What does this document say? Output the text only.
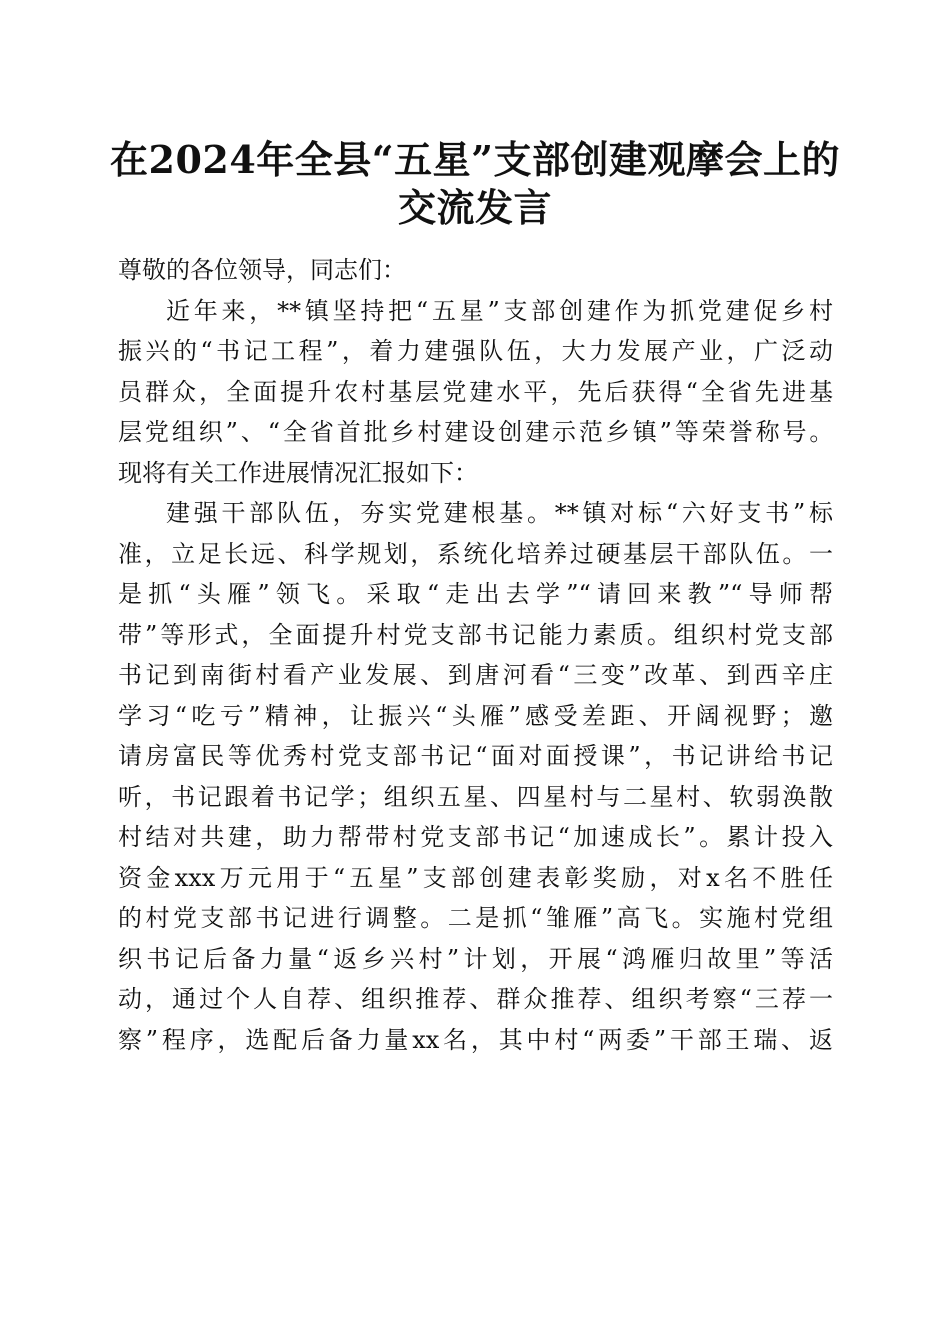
在2024年全县“五星”支部创建观摩会上的
交流发言
尊敬的各位领导，同志们：
近年来，**镇坚持把“五星”支部创建作为抓党建促乡村
振兴的“书记工程”，着力建强队伍，大力发展产业，广泛动
员群众，全面提升农村基层党建水平，先后获得“全省先进基
层党组织”、“全省首批乡村建设创建示范乡镇”等荣誉称号。
现将有关工作进展情况汇报如下：
建强干部队伍，夯实党建根基。**镇对标“六好支书”标
准，立足长远、科学规划，系统化培养过硬基层干部队伍。一
是抓“头雁”领飞。采取“走出去学”“请回来教”“导师帮
带”等形式，全面提升村党支部书记能力素质。组织村党支部
书记到南街村看产业发展、到唐河看“三变”改革、到西辛庄
学习“吃亏”精神，让振兴“头雁”感受差距、开阔视野；邀
请房富民等优秀村党支部书记“面对面授课”，书记讲给书记
听，书记跟着书记学；组织五星、四星村与二星村、软弱涣散
村结对共建，助力帮带村党支部书记“加速成长”。累计投入
资金xxx万元用于“五星”支部创建表彰奖励，对x名不胜任
的村党支部书记进行调整。二是抓“雏雁”高飞。实施村党组
织书记后备力量“返乡兴村”计划，开展“鸿雁归故里”等活
动，通过个人自荐、组织推荐、群众推荐、组织考察“三荐一
察”程序，选配后备力量xx名，其中村“两委”干部王瑞、返
